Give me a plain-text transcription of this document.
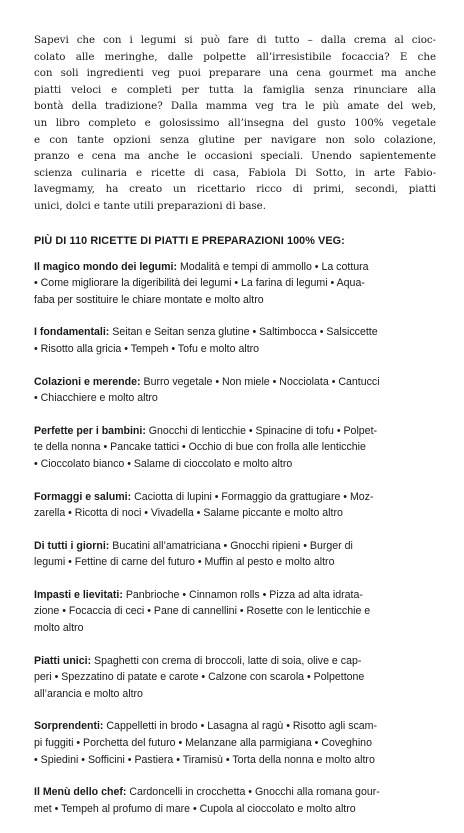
Sapevi che con i legumi si può fare di tutto – dalla crema al cioc-
colato alle meringhe, dalle polpette all’irresistibile focaccia? E che
con soli ingredienti veg puoi preparare una cena gourmet ma anche
piatti veloci e completi per tutta la famiglia senza rinunciare alla
bontà della tradizione? Dalla mamma veg tra le più amate del web,
un libro completo e golosissimo all’insegna del gusto 100% vegetale
e con tante opzioni senza glutine per navigare non solo colazione,
pranzo e cena ma anche le occasioni speciali. Unendo sapientemente
scienza culinaria e ricette di casa, Fabiola Di Sotto, in arte Fabio-
lavegmamy, ha creato un ricettario ricco di primi, secondi, piatti
unici, dolci e tante utili preparazioni di base.

PIÙ DI 110 RICETTE DI PIATTI E PREPARAZIONI 100% VEG:
Il magico mondo dei legumi: Modalità e tempi di ammollo • La cottura
• Come migliorare la digeribilità dei legumi • La farina di legumi • Aqua-
faba per sostituire le chiare montate e molto altro
I fondamentali: Seitan e Seitan senza glutine • Saltimbocca • Salsiccette
• Risotto alla gricia • Tempeh • Tofu e molto altro
Colazioni e merende: Burro vegetale • Non miele • Nocciolata • Cantucci
• Chiacchiere e molto altro
Perfette per i bambini: Gnocchi di lenticchie • Spinacine di tofu • Polpet-
te della nonna • Pancake tattici • Occhio di bue con frolla alle lenticchie
• Cioccolato bianco • Salame di cioccolato e molto altro
Formaggi e salumi: Caciotta di lupini • Formaggio da grattugiare • Moz-
zarella • Ricotta di noci • Vivadella • Salame piccante e molto altro
Di tutti i giorni: Bucatini all’amatriciana • Gnocchi ripieni • Burger di
legumi • Fettine di carne del futuro • Muffin al pesto e molto altro
Impasti e lievitati: Panbrioche • Cinnamon rolls • Pizza ad alta idrata-
zione • Focaccia di ceci • Pane di cannellini • Rosette con le lenticchie e
molto altro
Piatti unici: Spaghetti con crema di broccoli, latte di soia, olive e cap-
peri • Spezzatino di patate e carote • Calzone con scarola • Polpettone
all’arancia e molto altro
Sorprendenti: Cappelletti in brodo • Lasagna al ragù • Risotto agli scam-
pi fuggiti • Porchetta del futuro • Melanzane alla parmigiana • Coveghino
• Spiedini • Sofficini • Pastiera • Tiramisù • Torta della nonna e molto altro
Il Menù dello chef: Cardoncelli in crocchetta • Gnocchi alla romana gour-
met • Tempeh al profumo di mare • Cupola al cioccolato e molto altro
